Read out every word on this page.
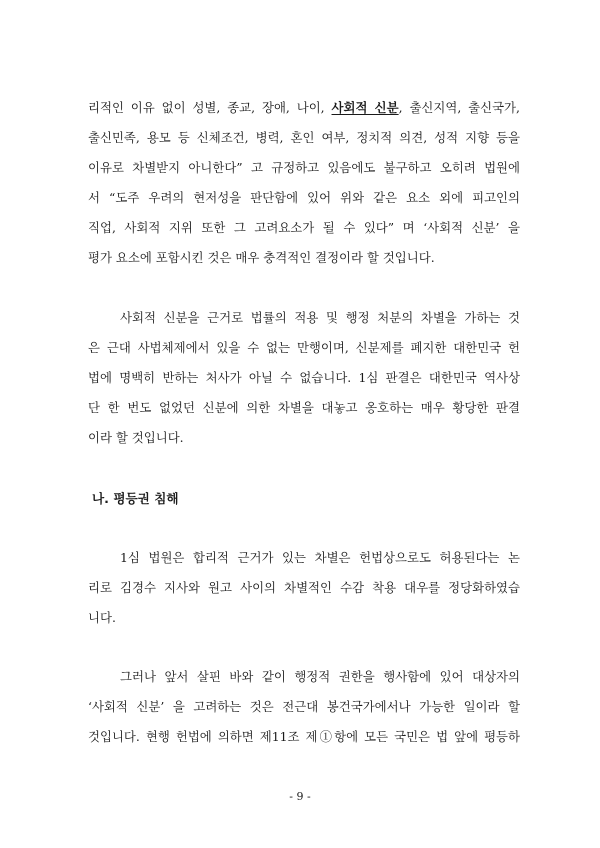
리적인 이유 없이 성별, 종교, 장애, 나이, 사회적 신분, 출신지역, 출신국가,
출신민족, 용모 등 신체조건, 병력, 혼인 여부, 정치적 의견, 성적 지향 등을
이유로 차별받지 아니한다” 고 규정하고 있음에도 불구하고 오히려 법원에
서 “도주 우려의 현저성을 판단함에 있어 위와 같은 요소 외에 피고인의
직업, 사회적 지위 또한 그 고려요소가 될 수 있다” 며 ‘사회적 신분’ 을
평가 요소에 포함시킨 것은 매우 충격적인 결정이라 할 것입니다.
사회적 신분을 근거로 법률의 적용 및 행정 처분의 차별을 가하는 것
은 근대 사법체제에서 있을 수 없는 만행이며, 신분제를 폐지한 대한민국 헌
법에 명백히 반하는 처사가 아닐 수 없습니다. 1심 판결은 대한민국 역사상
단 한 번도 없었던 신분에 의한 차별을 대놓고 옹호하는 매우 황당한 판결
이라 할 것입니다.
나. 평등권 침해
1심 법원은 합리적 근거가 있는 차별은 헌법상으로도 허용된다는 논
리로 김경수 지사와 원고 사이의 차별적인 수감 착용 대우를 정당화하였습
니다.
그러나 앞서 살핀 바와 같이 행정적 권한을 행사함에 있어 대상자의
‘사회적 신분’ 을 고려하는 것은 전근대 봉건국가에서나 가능한 일이라 할
것입니다. 현행 헌법에 의하면 제11조 제①항에 모든 국민은 법 앞에 평등하
- 9 -
